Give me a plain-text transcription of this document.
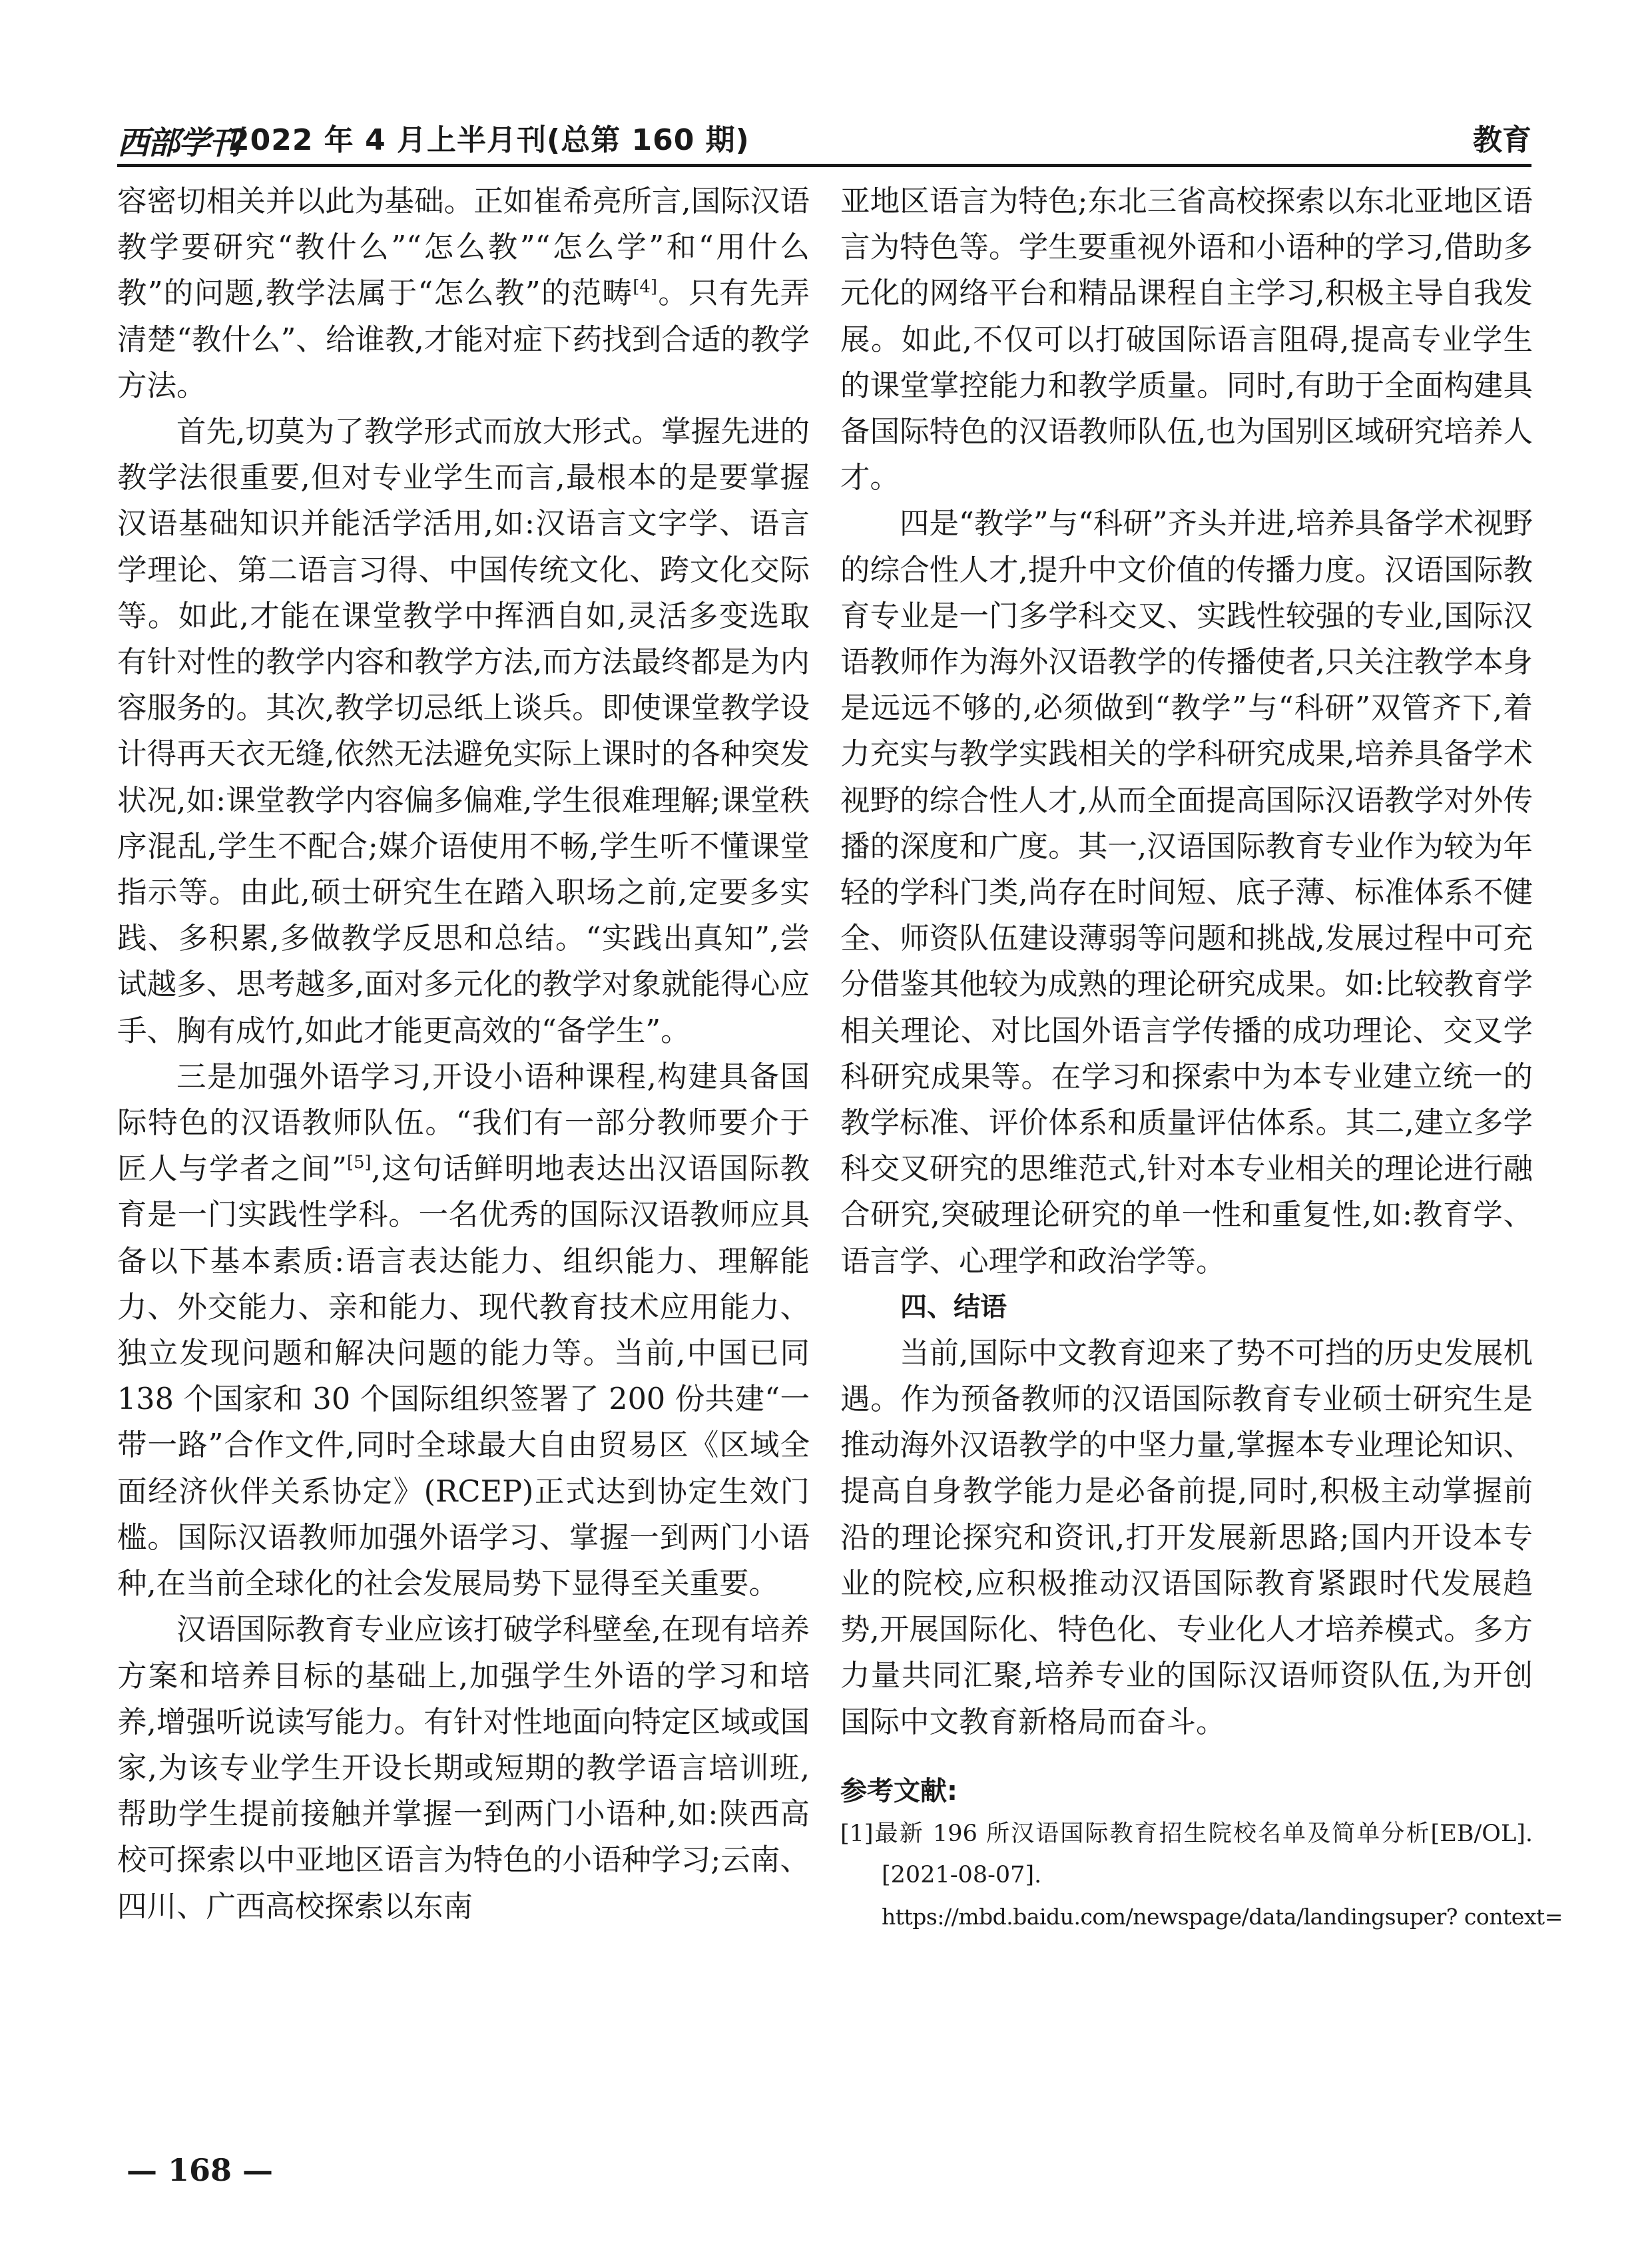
西部学刊
2022 年 4 月上半月刊(总第 160 期)	教育

容密切相关并以此为基础。正如崔希亮所言,国际汉语教学要研究“教什么”“怎么教”“怎么学”和“用什么教”的问题,教学法属于“怎么教”的范畴[4]。只有先弄清楚“教什么”、给谁教,才能对症下药找到合适的教学方法。

首先,切莫为了教学形式而放大形式。掌握先进的教学法很重要,但对专业学生而言,最根本的是要掌握汉语基础知识并能活学活用,如:汉语言文字学、语言学理论、第二语言习得、中国传统文化、跨文化交际等。如此,才能在课堂教学中挥洒自如,灵活多变选取有针对性的教学内容和教学方法,而方法最终都是为内容服务的。其次,教学切忌纸上谈兵。即使课堂教学设计得再天衣无缝,依然无法避免实际上课时的各种突发状况,如:课堂教学内容偏多偏难,学生很难理解;课堂秩序混乱,学生不配合;媒介语使用不畅,学生听不懂课堂指示等。由此,硕士研究生在踏入职场之前,定要多实践、多积累,多做教学反思和总结。“实践出真知”,尝试越多、思考越多,面对多元化的教学对象就能得心应手、胸有成竹,如此才能更高效的“备学生”。

三是加强外语学习,开设小语种课程,构建具备国际特色的汉语教师队伍。“我们有一部分教师要介于匠人与学者之间”[5],这句话鲜明地表达出汉语国际教育是一门实践性学科。一名优秀的国际汉语教师应具备以下基本素质:语言表达能力、组织能力、理解能力、外交能力、亲和能力、现代教育技术应用能力、独立发现问题和解决问题的能力等。当前,中国已同 138 个国家和 30 个国际组织签署了 200 份共建“一带一路”合作文件,同时全球最大自由贸易区《区域全面经济伙伴关系协定》(RCEP)正式达到协定生效门槛。国际汉语教师加强外语学习、掌握一到两门小语种,在当前全球化的社会发展局势下显得至关重要。

汉语国际教育专业应该打破学科壁垒,在现有培养方案和培养目标的基础上,加强学生外语的学习和培养,增强听说读写能力。有针对性地面向特定区域或国家,为该专业学生开设长期或短期的教学语言培训班,帮助学生提前接触并掌握一到两门小语种,如:陕西高校可探索以中亚地区语言为特色的小语种学习;云南、四川、广西高校探索以东南

亚地区语言为特色;东北三省高校探索以东北亚地区语言为特色等。学生要重视外语和小语种的学习,借助多元化的网络平台和精品课程自主学习,积极主导自我发展。如此,不仅可以打破国际语言阻碍,提高专业学生的课堂掌控能力和教学质量。同时,有助于全面构建具备国际特色的汉语教师队伍,也为国别区域研究培养人才。

四是“教学”与“科研”齐头并进,培养具备学术视野的综合性人才,提升中文价值的传播力度。汉语国际教育专业是一门多学科交叉、实践性较强的专业,国际汉语教师作为海外汉语教学的传播使者,只关注教学本身是远远不够的,必须做到“教学”与“科研”双管齐下,着力充实与教学实践相关的学科研究成果,培养具备学术视野的综合性人才,从而全面提高国际汉语教学对外传播的深度和广度。其一,汉语国际教育专业作为较为年轻的学科门类,尚存在时间短、底子薄、标准体系不健全、师资队伍建设薄弱等问题和挑战,发展过程中可充分借鉴其他较为成熟的理论研究成果。如:比较教育学相关理论、对比国外语言学传播的成功理论、交叉学科研究成果等。在学习和探索中为本专业建立统一的教学标准、评价体系和质量评估体系。其二,建立多学科交叉研究的思维范式,针对本专业相关的理论进行融合研究,突破理论研究的单一性和重复性,如:教育学、语言学、心理学和政治学等。

四、结语

当前,国际中文教育迎来了势不可挡的历史发展机遇。作为预备教师的汉语国际教育专业硕士研究生是推动海外汉语教学的中坚力量,掌握本专业理论知识、提高自身教学能力是必备前提,同时,积极主动掌握前沿的理论探究和资讯,打开发展新思路;国内开设本专业的院校,应积极推动汉语国际教育紧跟时代发展趋势,开展国际化、特色化、专业化人才培养模式。多方力量共同汇聚,培养专业的国际汉语师资队伍,为开创国际中文教育新格局而奋斗。

参考文献:

[1]最新 196 所汉语国际教育招生院校名单及简单分析[EB/OL].[2021-08-07].

https://mbd.baidu.com/newspage/data/landingsuper? context=
— 168 —
